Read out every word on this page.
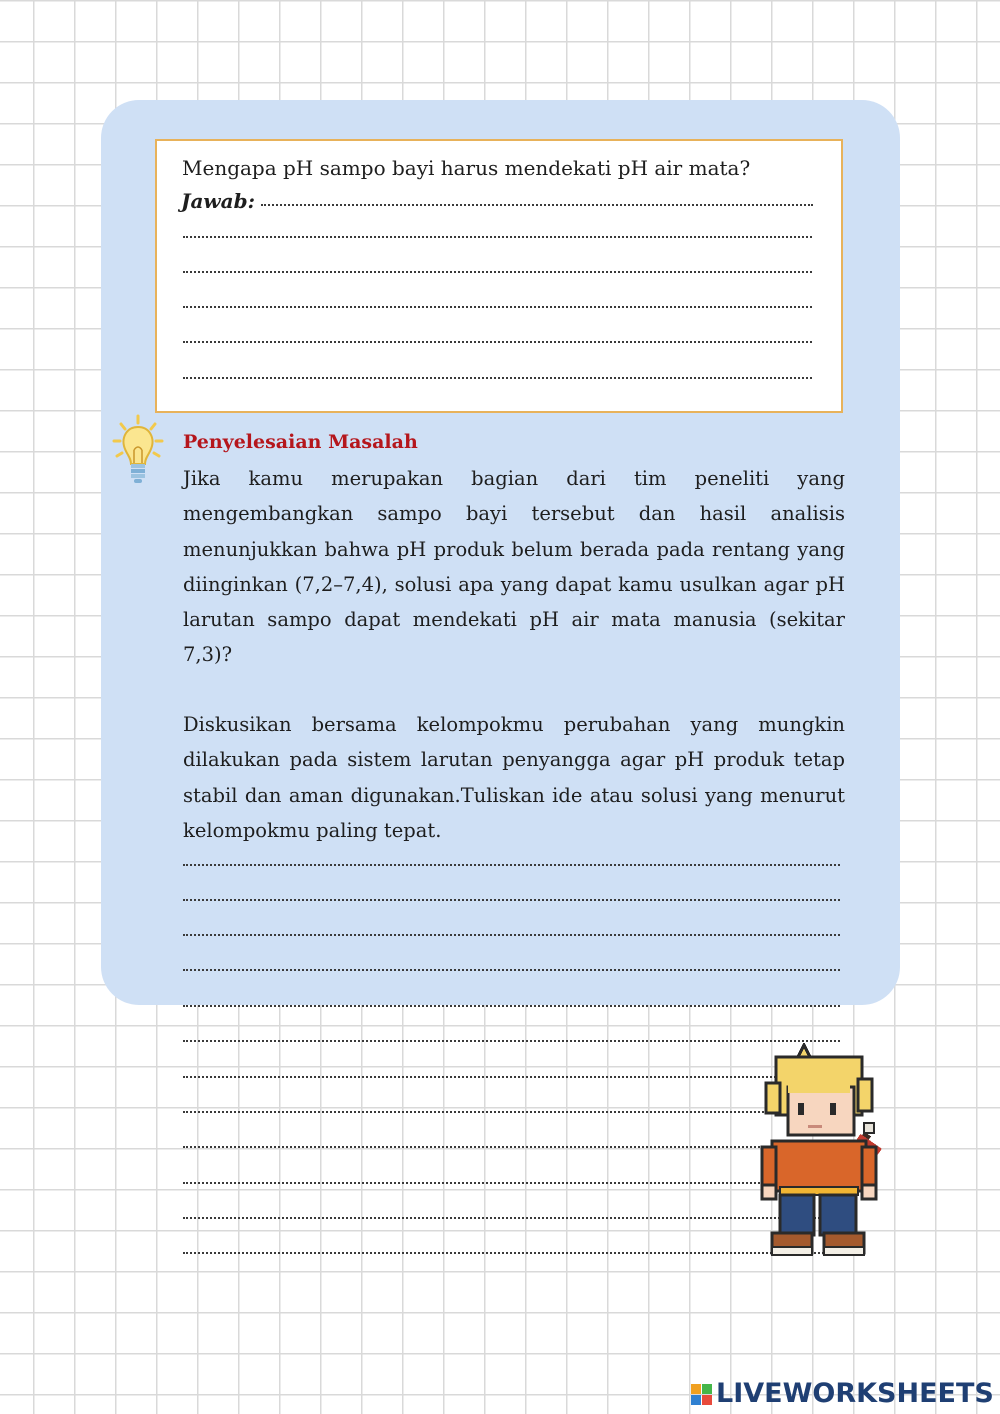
Mengapa pH sampo bayi harus mendekati pH air mata?
Jawab:
Penyelesaian Masalah

Jika kamu merupakan bagian dari tim peneliti yang mengembangkan sampo bayi tersebut dan hasil analisis menunjukkan bahwa pH produk belum berada pada rentang yang diinginkan (7,2–7,4), solusi apa yang dapat kamu usulkan agar pH larutan sampo dapat mendekati pH air mata manusia (sekitar 7,3)?

Diskusikan bersama kelompokmu perubahan yang mungkin dilakukan pada sistem larutan penyangga agar pH produk tetap stabil dan aman digunakan.Tuliskan ide atau solusi yang menurut kelompokmu paling tepat.

LIVEWORKSHEETS
